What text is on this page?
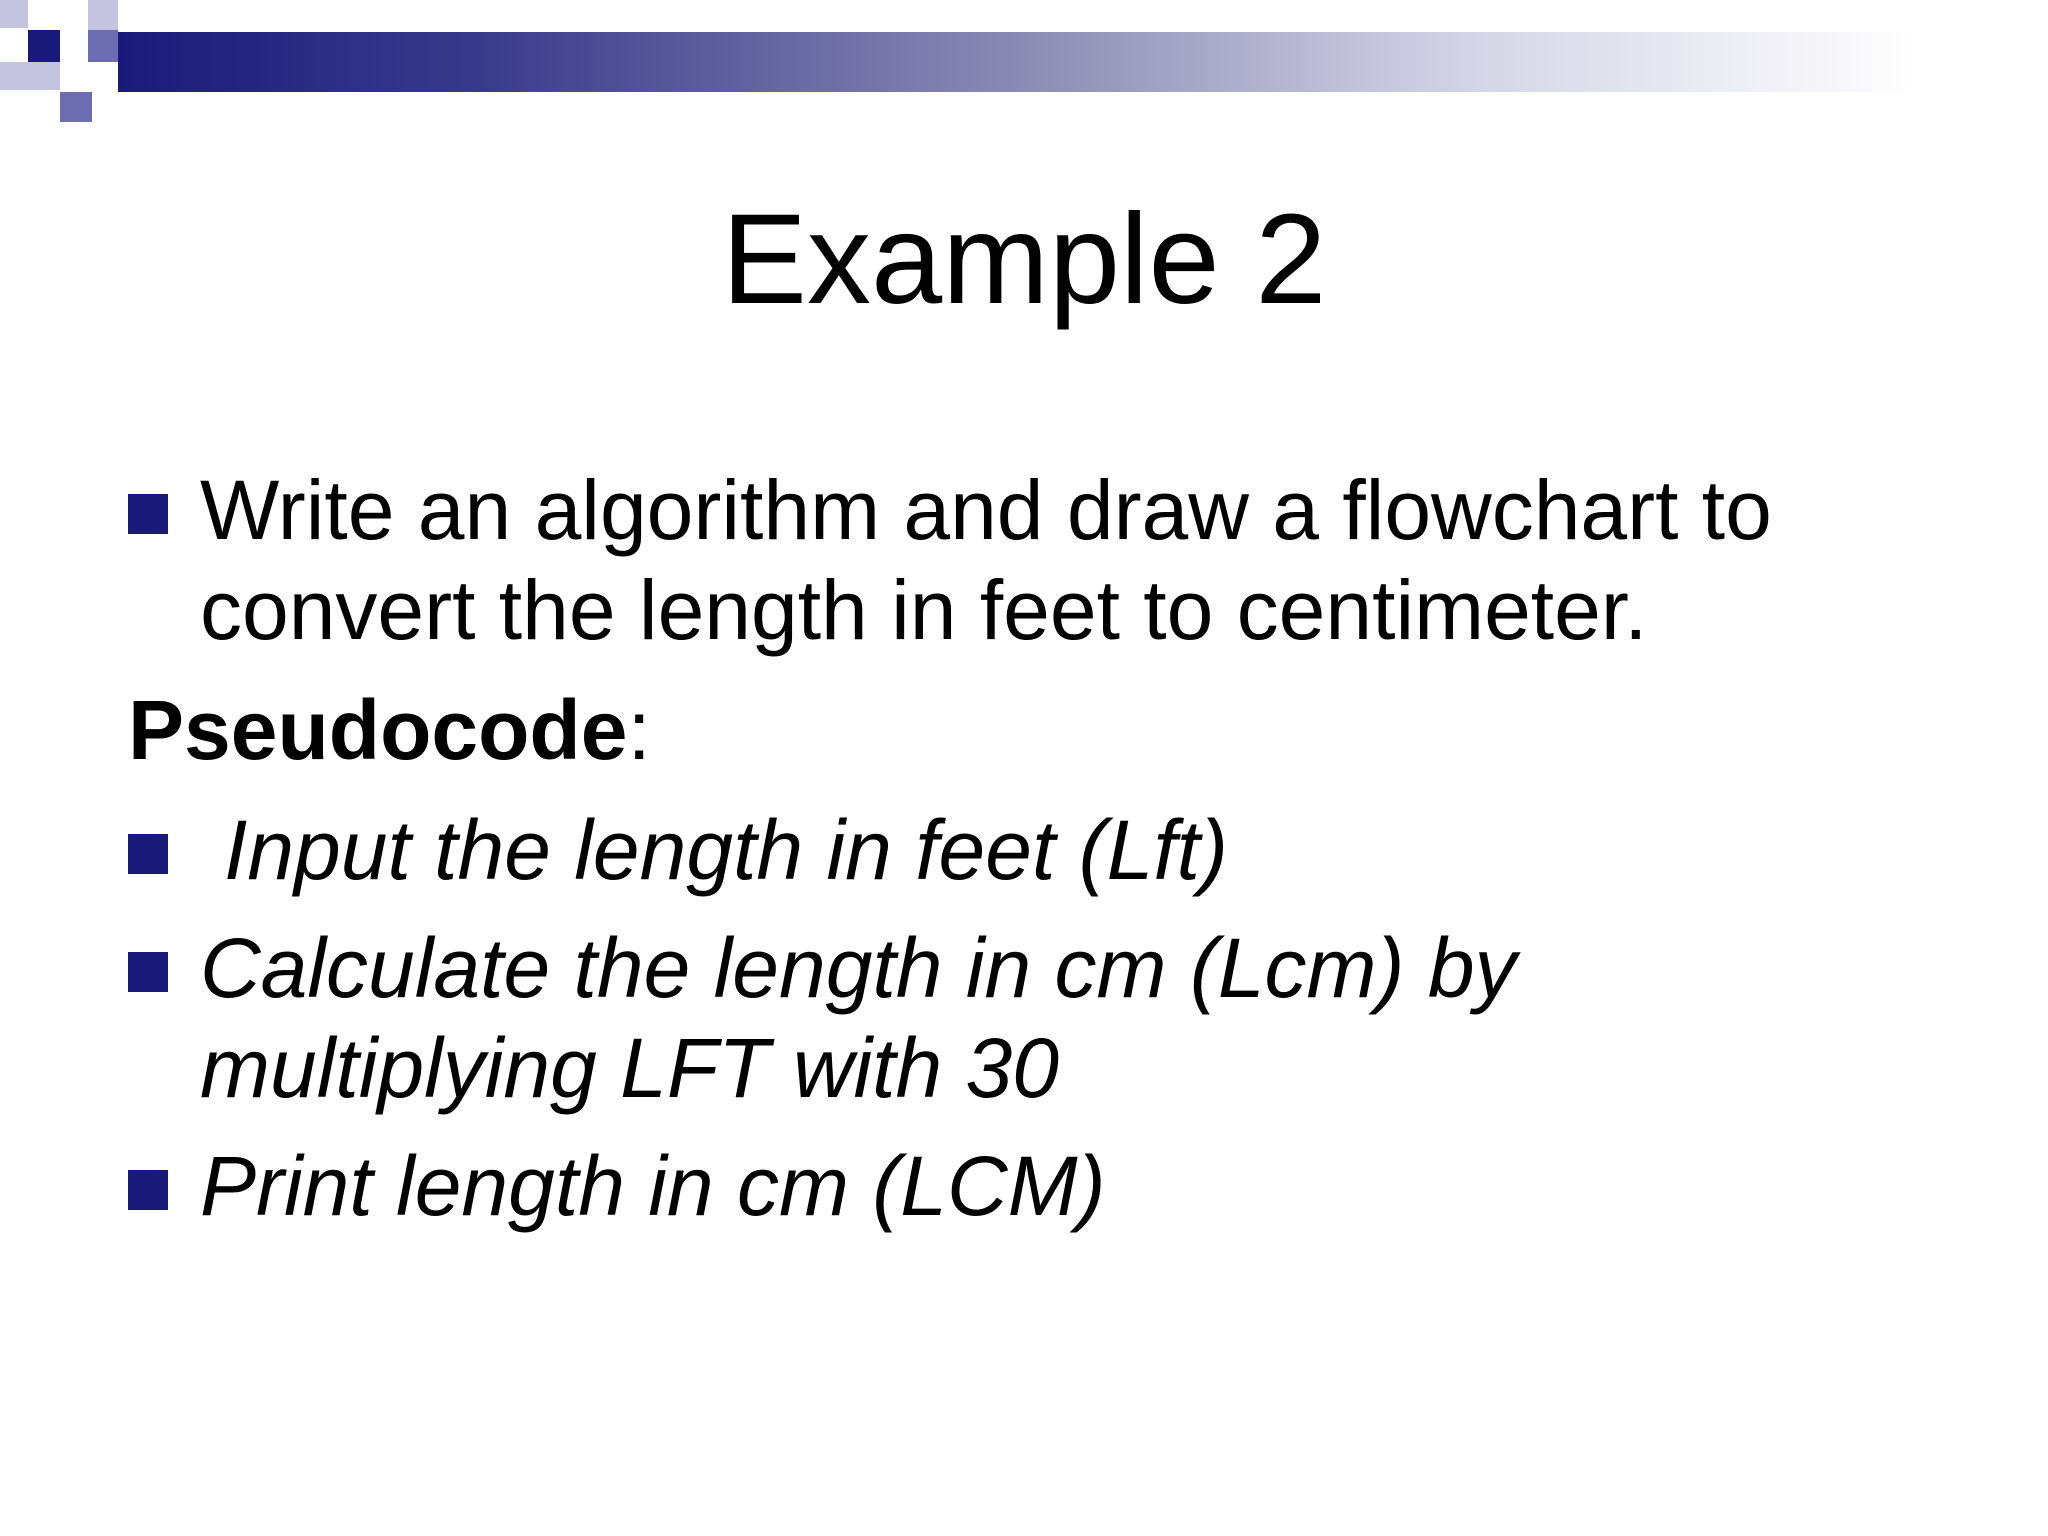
Example 2
Write an algorithm and draw a flowchart to
convert the length in feet to centimeter.
Pseudocode:
Input the length in feet (Lft)
Calculate the length in cm (Lcm) by
multiplying LFT with 30
Print length in cm (LCM)
